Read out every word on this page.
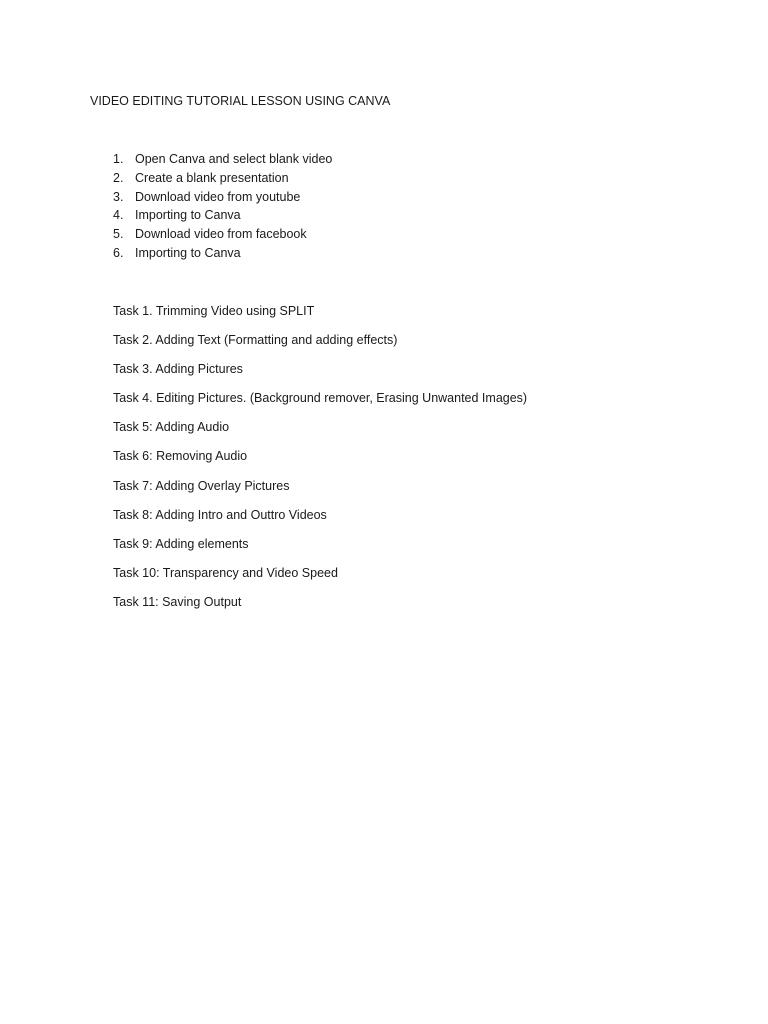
VIDEO EDITING TUTORIAL LESSON USING CANVA
1. Open Canva and select blank video
2. Create a blank presentation
3. Download video from youtube
4. Importing to Canva
5. Download video from facebook
6. Importing to Canva
Task 1. Trimming Video using SPLIT
Task 2. Adding Text (Formatting and adding effects)
Task 3. Adding Pictures
Task 4. Editing Pictures. (Background remover, Erasing Unwanted Images)
Task 5: Adding Audio
Task 6: Removing Audio
Task 7: Adding Overlay Pictures
Task 8: Adding Intro and Outtro Videos
Task 9: Adding elements
Task 10: Transparency and Video Speed
Task 11: Saving Output
